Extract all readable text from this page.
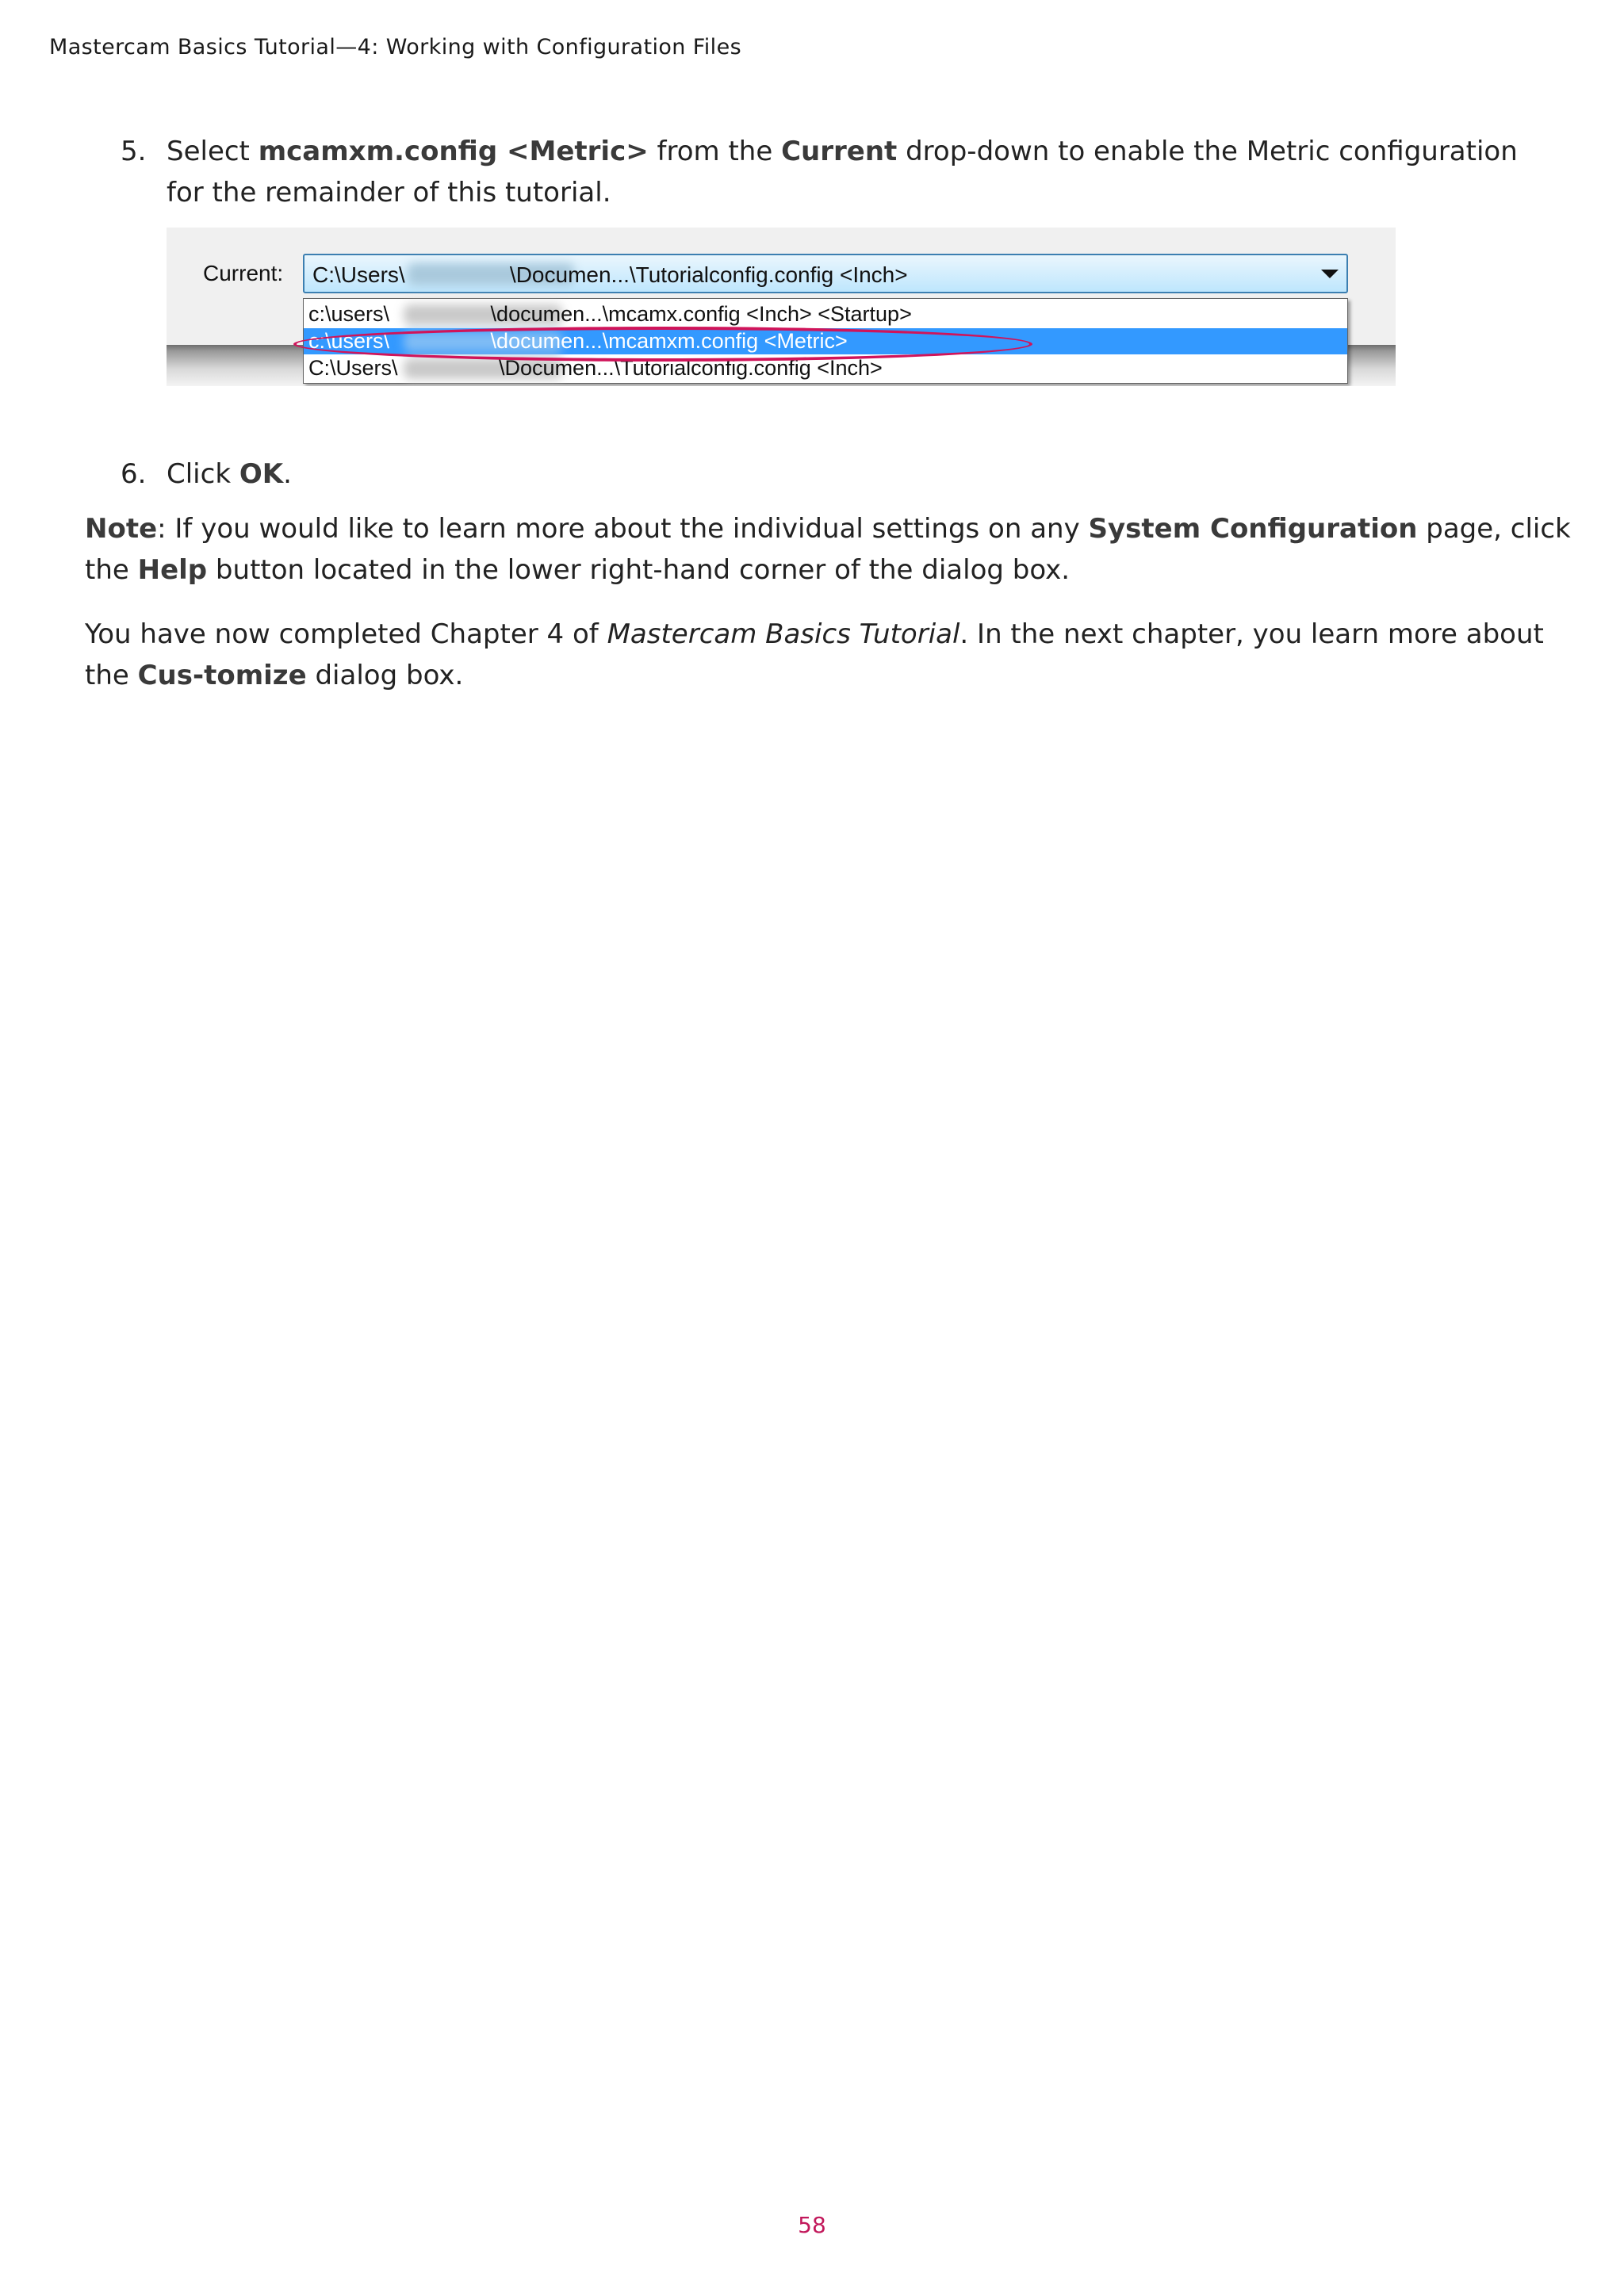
Mastercam Basics Tutorial—4: Working with Configuration Files
5. Select mcamxm.config <Metric> from the Current drop-down to enable the Metric configuration for the remainder of this tutorial.
Current: C:\Users\                 \Documen...\Tutorialconfig.config <Inch>

c:\users\                 \documen...\mcamx.config <Inch> <Startup>

c:\users\                 \documen...\mcamxm.config <Metric>

C:\Users\                 \Documen...\Tutorialconfig.config <Inch>

6. Click OK.
Note: If you would like to learn more about the individual settings on any System Configuration page, click the Help button located in the lower right-hand corner of the dialog box.
You have now completed Chapter 4 of Mastercam Basics Tutorial. In the next chapter, you learn more about the Cus-tomize dialog box.
58
